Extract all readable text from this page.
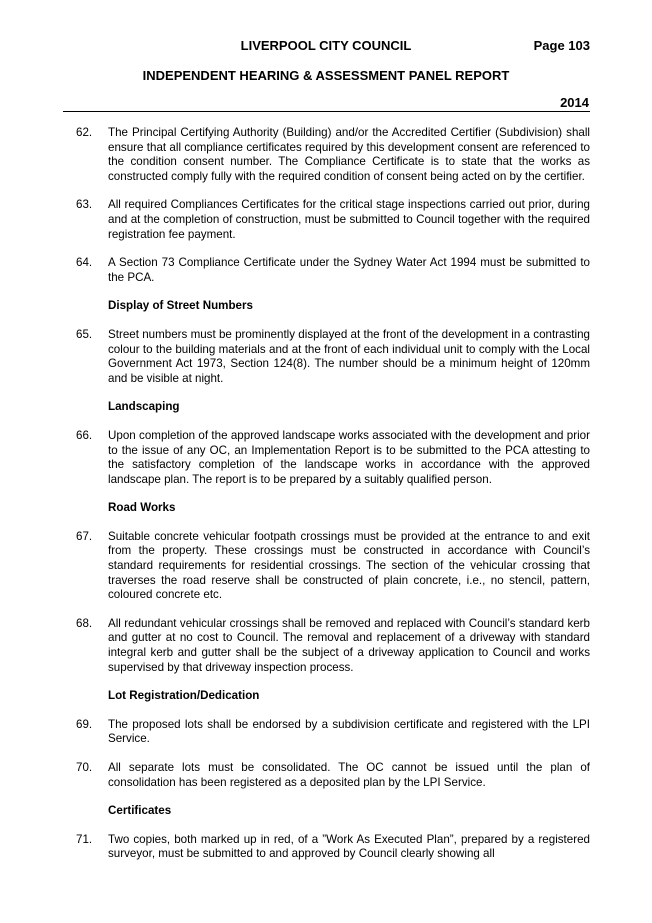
LIVERPOOL CITY COUNCIL	Page 103
INDEPENDENT HEARING & ASSESSMENT PANEL REPORT
2014
62.	The Principal Certifying Authority (Building) and/or the Accredited Certifier (Subdivision) shall ensure that all compliance certificates required by this development consent are referenced to the condition consent number. The Compliance Certificate is to state that the works as constructed comply fully with the required condition of consent being acted on by the certifier.
63.	All required Compliances Certificates for the critical stage inspections carried out prior, during and at the completion of construction, must be submitted to Council together with the required registration fee payment.
64.	A Section 73 Compliance Certificate under the Sydney Water Act 1994 must be submitted to the PCA.
Display of Street Numbers
65.	Street numbers must be prominently displayed at the front of the development in a contrasting colour to the building materials and at the front of each individual unit to comply with the Local Government Act 1973, Section 124(8). The number should be a minimum height of 120mm and be visible at night.
Landscaping
66.	Upon completion of the approved landscape works associated with the development and prior to the issue of any OC, an Implementation Report is to be submitted to the PCA attesting to the satisfactory completion of the landscape works in accordance with the approved landscape plan. The report is to be prepared by a suitably qualified person.
Road Works
67.	Suitable concrete vehicular footpath crossings must be provided at the entrance to and exit from the property. These crossings must be constructed in accordance with Council’s standard requirements for residential crossings. The section of the vehicular crossing that traverses the road reserve shall be constructed of plain concrete, i.e., no stencil, pattern, coloured concrete etc.
68.	All redundant vehicular crossings shall be removed and replaced with Council’s standard kerb and gutter at no cost to Council. The removal and replacement of a driveway with standard integral kerb and gutter shall be the subject of a driveway application to Council and works supervised by that driveway inspection process.
Lot Registration/Dedication
69.	The proposed lots shall be endorsed by a subdivision certificate and registered with the LPI Service.
70.	All separate lots must be consolidated. The OC cannot be issued until the plan of consolidation has been registered as a deposited plan by the LPI Service.
Certificates
71.	Two copies, both marked up in red, of a ”Work As Executed Plan”, prepared by a registered surveyor, must be submitted to and approved by Council clearly showing all
